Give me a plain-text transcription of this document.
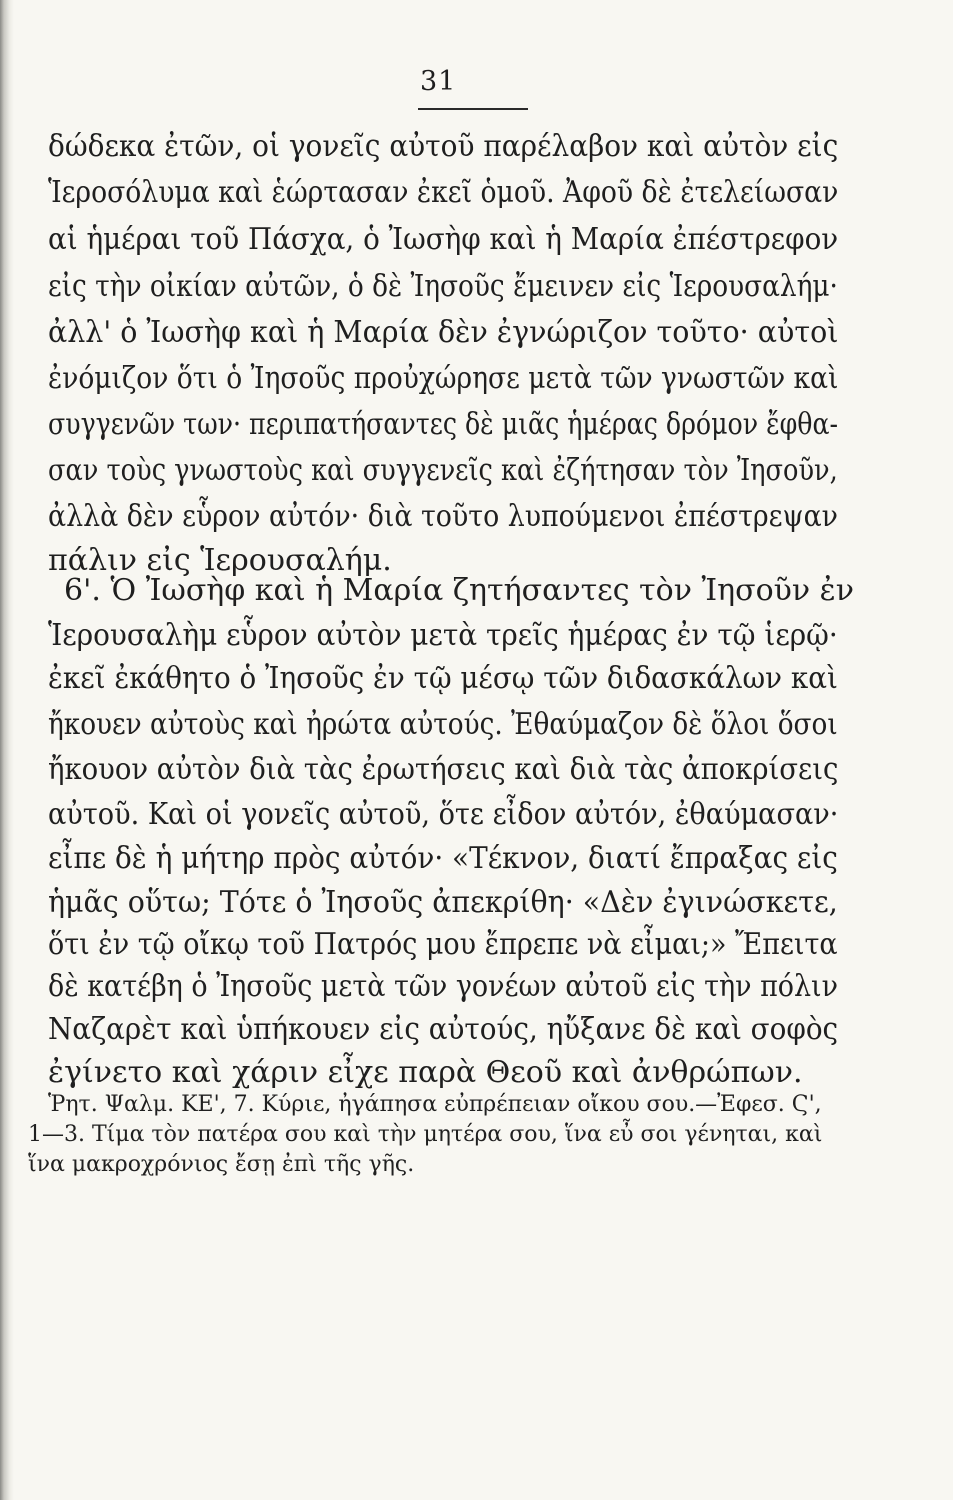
31
δώδεκα ἐτῶν, οἱ γονεῖς αὐτοῦ παρέλαβον καὶ αὐτὸν εἰς
Ἱεροσόλυμα καὶ ἑώρτασαν ἐκεῖ ὁμοῦ. Ἀφοῦ δὲ ἐτελείωσαν
αἱ ἡμέραι τοῦ Πάσχα, ὁ Ἰωσὴφ καὶ ἡ Μαρία ἐπέστρεφον
εἰς τὴν οἰκίαν αὐτῶν, ὁ δὲ Ἰησοῦς ἔμεινεν εἰς Ἱερουσαλήμ·
ἀλλ' ὁ Ἰωσὴφ καὶ ἡ Μαρία δὲν ἐγνώριζον τοῦτο· αὐτοὶ
ἐνόμιζον ὅτι ὁ Ἰησοῦς προὐχώρησε μετὰ τῶν γνωστῶν καὶ
συγγενῶν των· περιπατήσαντες δὲ μιᾶς ἡμέρας δρόμον ἔφθα-
σαν τοὺς γνωστοὺς καὶ συγγενεῖς καὶ ἐζήτησαν τὸν Ἰησοῦν,
ἀλλὰ δὲν εὗρον αὐτόν· διὰ τοῦτο λυπούμενοι ἐπέστρεψαν
πάλιν εἰς Ἱερουσαλήμ.
6'. Ὁ Ἰωσὴφ καὶ ἡ Μαρία ζητήσαντες τὸν Ἰησοῦν ἐν
Ἱερουσαλὴμ εὗρον αὐτὸν μετὰ τρεῖς ἡμέρας ἐν τῷ ἱερῷ·
ἐκεῖ ἐκάθητο ὁ Ἰησοῦς ἐν τῷ μέσῳ τῶν διδασκάλων καὶ
ἤκουεν αὐτοὺς καὶ ἠρώτα αὐτούς. Ἐθαύμαζον δὲ ὅλοι ὅσοι
ἤκουον αὐτὸν διὰ τὰς ἐρωτήσεις καὶ διὰ τὰς ἀποκρίσεις
αὐτοῦ. Καὶ οἱ γονεῖς αὐτοῦ, ὅτε εἶδον αὐτόν, ἐθαύμασαν·
εἶπε δὲ ἡ μήτηρ πρὸς αὐτόν· «Τέκνον, διατί ἔπραξας εἰς
ἡμᾶς οὕτω; Τότε ὁ Ἰησοῦς ἀπεκρίθη· «Δὲν ἐγινώσκετε,
ὅτι ἐν τῷ οἴκῳ τοῦ Πατρός μου ἔπρεπε νὰ εἶμαι;» Ἔπειτα
δὲ κατέβη ὁ Ἰησοῦς μετὰ τῶν γονέων αὐτοῦ εἰς τὴν πόλιν
Ναζαρὲτ καὶ ὑπήκουεν εἰς αὐτούς, ηὔξανε δὲ καὶ σοφὸς
ἐγίνετο καὶ χάριν εἶχε παρὰ Θεοῦ καὶ ἀνθρώπων.
Ῥητ. Ψαλμ. ΚΕ', 7. Κύριε, ἠγάπησα εὐπρέπειαν οἴκου σου.—Ἐφεσ. Ϛ',
1—3. Τίμα τὸν πατέρα σου καὶ τὴν μητέρα σου, ἵνα εὖ σοι γένηται, καὶ
ἵνα μακροχρόνιος ἔσῃ ἐπὶ τῆς γῆς.
